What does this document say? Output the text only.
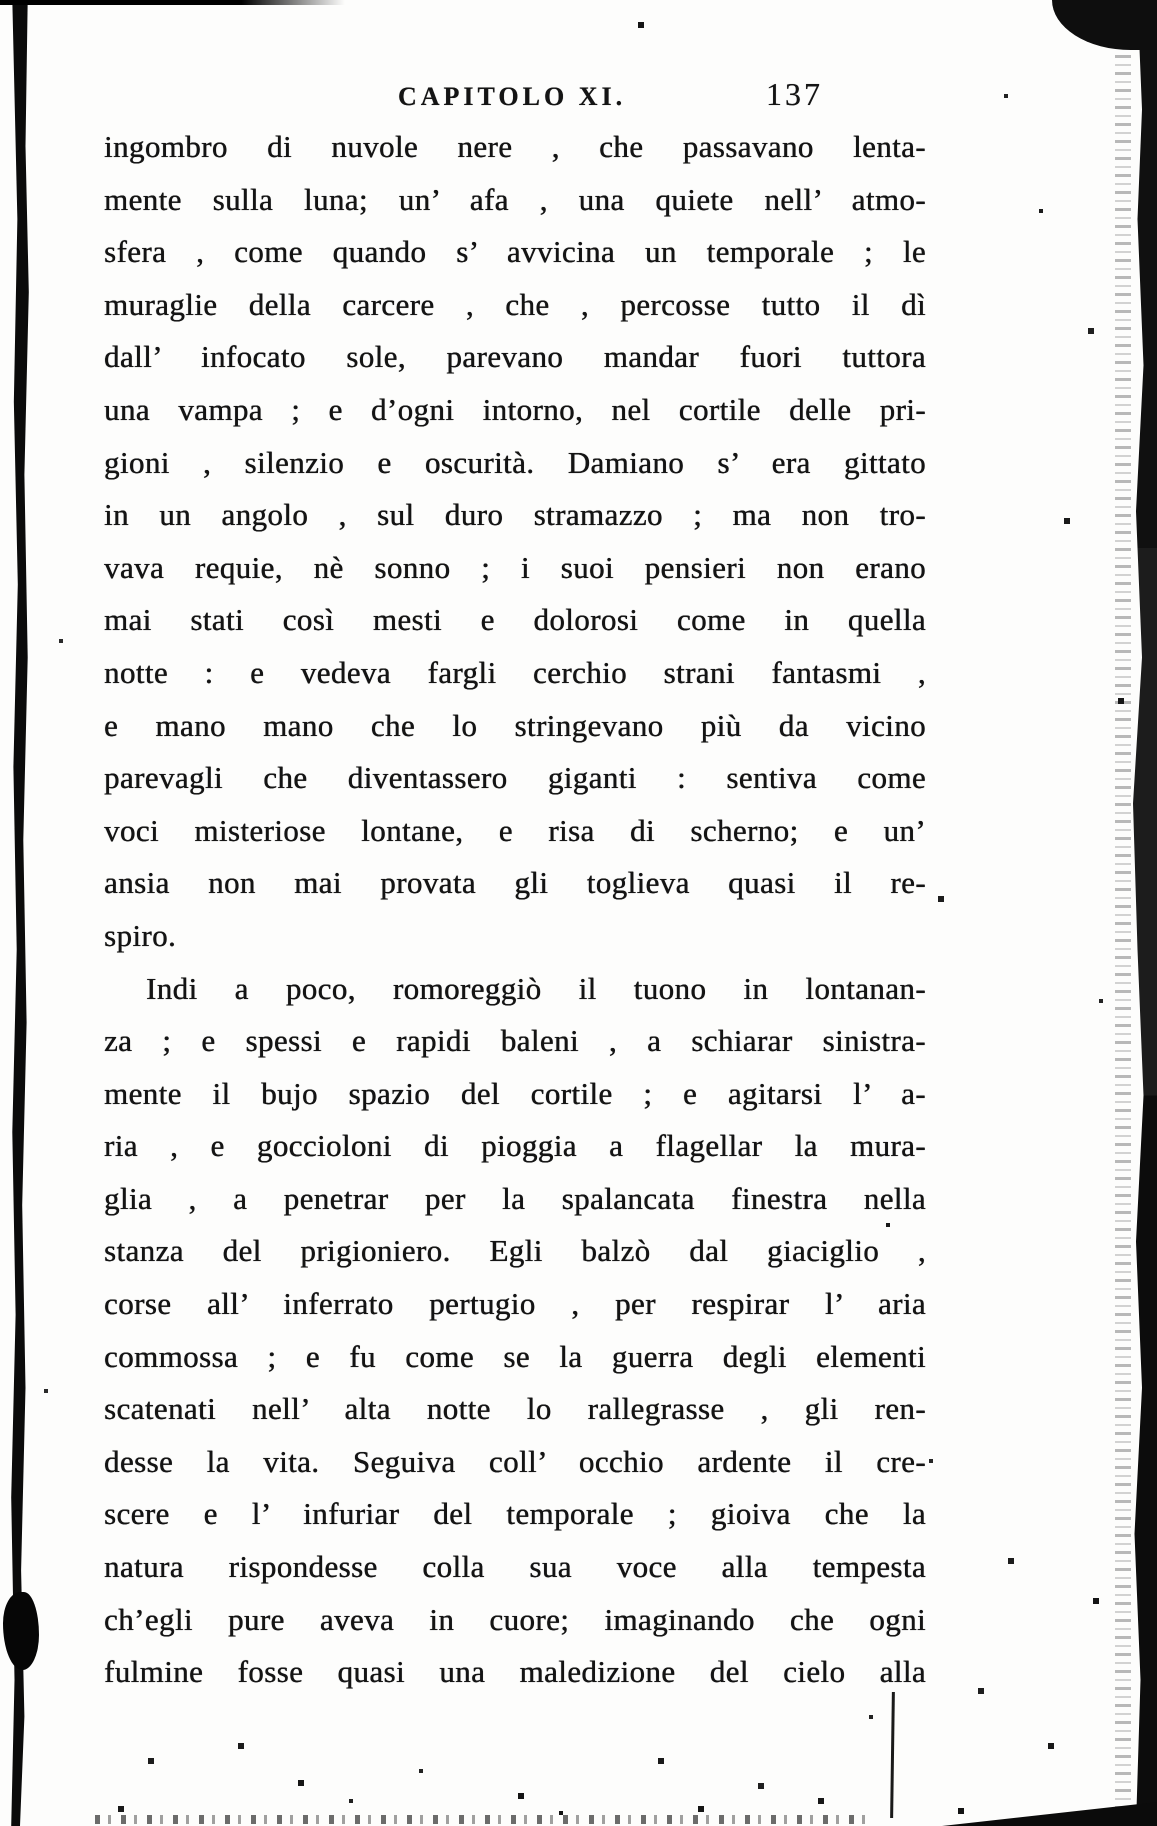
CAPITOLO XI.	137
ingombro di nuvole nere , che passavano lenta-
mente sulla luna; un’ afa , una quiete nell’ atmo-
sfera , come quando s’ avvicina un temporale ; le
muraglie della carcere , che , percosse tutto il dì
dall’ infocato sole, parevano mandar fuori tuttora
una vampa ; e d’ogni intorno, nel cortile delle pri-
gioni , silenzio e oscurità. Damiano s’ era gittato
in un angolo , sul duro stramazzo ; ma non tro-
vava requie, nè sonno ; i suoi pensieri non erano
mai stati così mesti e dolorosi come in quella
notte : e vedeva fargli cerchio strani fantasmi ,
e mano mano che lo stringevano più da vicino
parevagli che diventassero giganti : sentiva come
voci misteriose lontane, e risa di scherno; e un’
ansia non mai provata gli toglieva quasi il re-
spiro.
Indi a poco, romoreggiò il tuono in lontanan-
za ; e spessi e rapidi baleni , a schiarar sinistra-
mente il bujo spazio del cortile ; e agitarsi l’ a-
ria , e goccioloni di pioggia a flagellar la mura-
glia , a penetrar per la spalancata finestra nella
stanza del prigioniero. Egli balzò dal giaciglio ,
corse all’ inferrato pertugio , per respirar l’ aria
commossa ; e fu come se la guerra degli elementi
scatenati nell’ alta notte lo rallegrasse , gli ren-
desse la vita. Seguiva coll’ occhio ardente il cre-
scere e l’ infuriar del temporale ; gioiva che la
natura rispondesse colla sua voce alla tempesta
ch’egli pure aveva in cuore; imaginando che ogni
fulmine fosse quasi una maledizione del cielo alla
